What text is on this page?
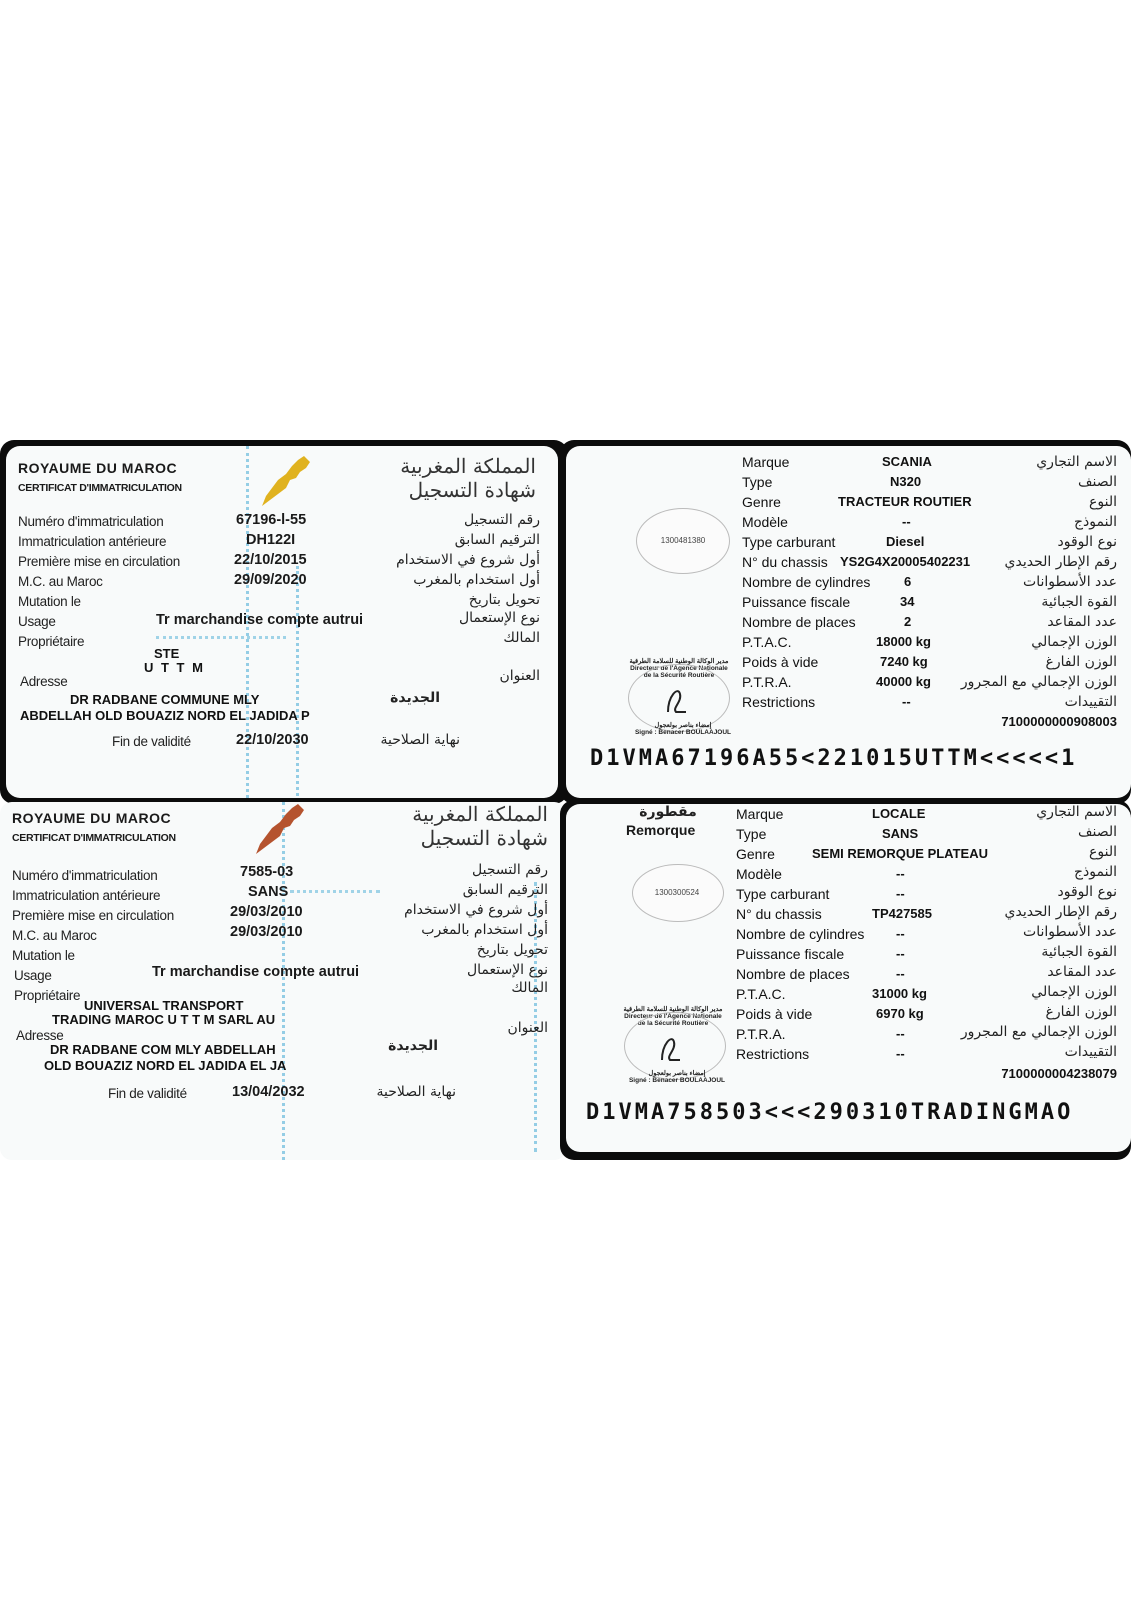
ROYAUME DU MAROC
CERTIFICAT D'IMMATRICULATION
المملكة المغربية
شهادة التسجيل
Numéro d'immatriculation	67196-l-55	رقم التسجيل
Immatriculation antérieure	DH122I	الترقيم السابق
Première mise en circulation	22/10/2015	أول شروع في الاستخدام
M.C. au Maroc	29/09/2020	أول استخدام بالمغرب
Mutation le	تحويل بتاريخ
Usage	Tr marchandise compte autrui	نوع الإستعمال
Propriétaire	المالك
STE
U T T M
Adresse	العنوان
الجديدة
DR RADBANE COMMUNE MLY
ABDELLAH OLD BOUAZIZ NORD EL JADIDA P
Fin de validité	22/10/2030	نهاية الصلاحية
1300481380
مدير الوكالة الوطنية للسلامة الطرقية
Directeur de l'Agence Nationale
de la Sécurité Routière
إمضاء بناصر بولعجول
Signé : Benacer BOULAAJOUL
Marque	SCANIA	الاسم التجاري
Type	N320	الصنف
Genre	TRACTEUR ROUTIER	النوع
Modèle	--	النموذج
Type carburant	Diesel	نوع الوقود
N° du chassis YS2G4X20005402231	رقم الإطار الحديدي
Nombre de cylindres	6	عدد الأسطوانات
Puissance fiscale	34	القوة الجبائية
Nombre de places	2	عدد المقاعد
P.T.A.C.	18000 kg	الوزن الإجمالي
Poids à vide	7240 kg	الوزن الفارغ
P.T.R.A.	40000 kg	الوزن الإجمالي مع المجرور
Restrictions	--	التقييدات
7100000000908003
D1VMA67196A55<221015UTTM<<<<<1
ROYAUME DU MAROC
CERTIFICAT D'IMMATRICULATION
المملكة المغربية
شهادة التسجيل
Numéro d'immatriculation	7585-03	رقم التسجيل
Immatriculation antérieure	SANS	الترقيم السابق
Première mise en circulation	29/03/2010	أول شروع في الاستخدام
M.C. au Maroc	29/03/2010	أول استخدام بالمغرب
Mutation le	تحويل بتاريخ
Usage	Tr marchandise compte autrui	نوع الإستعمال
Propriétaire	المالك
UNIVERSAL TRANSPORT
TRADING MAROC U T T M SARL AU
Adresse	العنوان
الجديدة
DR RADBANE COM MLY ABDELLAH
OLD BOUAZIZ NORD EL JADIDA EL JA
Fin de validité	13/04/2032	نهاية الصلاحية
مقطورة
Remorque
1300300524
مدير الوكالة الوطنية للسلامة الطرقية
Directeur de l'Agence Nationale
de la Sécurité Routière
إمضاء بناصر بولعجول
Signé : Benacer BOULAAJOUL
Marque	LOCALE	الاسم التجاري
Type	SANS	الصنف
Genre	SEMI REMORQUE PLATEAU	النوع
Modèle	--	النموذج
Type carburant	--	نوع الوقود
N° du chassis	TP427585	رقم الإطار الحديدي
Nombre de cylindres --	عدد الأسطوانات
Puissance fiscale	--	القوة الجبائية
Nombre de places	--	عدد المقاعد
P.T.A.C.	31000 kg	الوزن الإجمالي
Poids à vide	6970 kg	الوزن الفارغ
P.T.R.A.	--	الوزن الإجمالي مع المجرور
Restrictions	--	التقييدات
7100000004238079
D1VMA758503<<<290310TRADINGMAO
